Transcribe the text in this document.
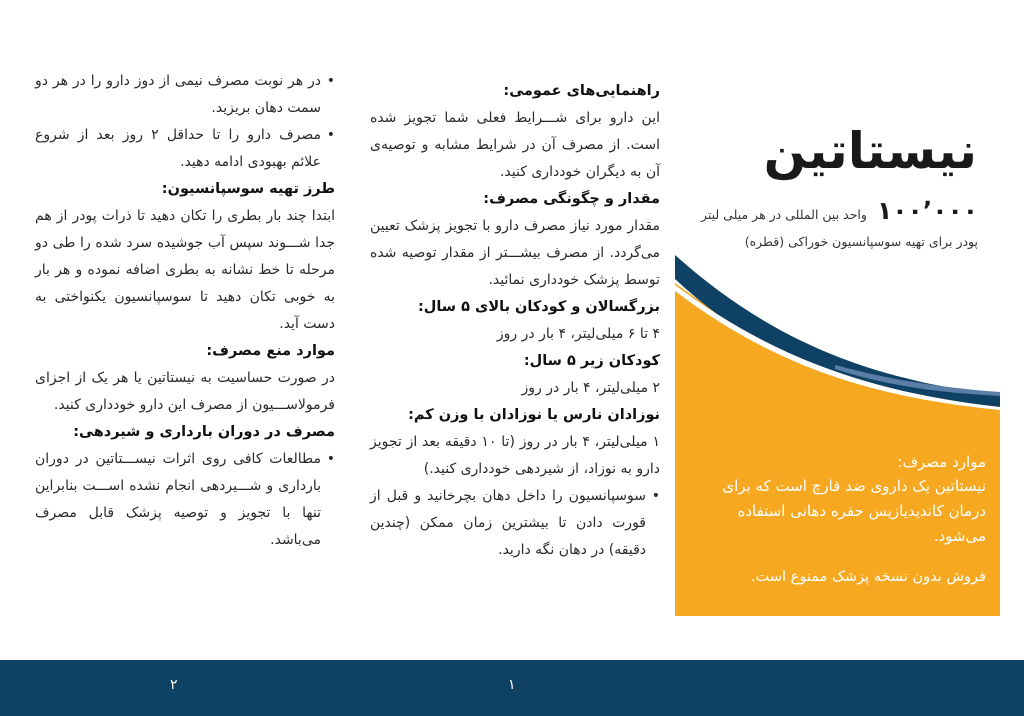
•
در هر نوبت مصرف نیمی از دوز دارو را در هر دو سمت دهان بریزید.
•
مصرف دارو را تا حداقل ۲ روز بعد از شروع علائم بهبودی ادامه دهید.
طرز تهیه سوسپانسیون:
ابتدا چند بار بطری را تکان دهید تا ذرات پودر از هم جدا شـــوند سپس آب جوشیده سرد شده را طی دو مرحله تا خط نشانه به بطری اضافه نموده و هر بار به خوبی تکان دهید تا سوسپانسیون یکنواختی به دست آید.
موارد منع مصرف:
در صورت حساسیت به نیستاتین یا هر یک از اجزای فرمولاســـیون از مصرف این دارو خودداری کنید.
مصرف در دوران بارداری و شیردهی:
•
مطالعات کافی روی اثرات نیســـتاتین در دوران بارداری و شـــیردهی انجام نشده اســـت بنابراین تنها با تجویز و توصیه پزشک قابل مصرف می‌باشد.
راهنمایی‌های عمومی:
این دارو برای شـــرایط فعلی شما تجویز شده است. از مصرف آن در شرایط مشابه و توصیه‌ی آن به دیگران خودداری کنید.
مقدار و چگونگی مصرف:
مقدار مورد نیاز مصرف دارو با تجویز پزشک تعیین می‌گردد. از مصرف بیشـــتر از مقدار توصیه شده توسط پزشک خودداری نمائید.
بزرگسالان و کودکان بالای ۵ سال:
۴ تا ۶ میلی‌لیتر، ۴ بار در روز
کودکان زیر ۵ سال:
۲ میلی‌لیتر، ۴ بار در روز
نوزادان نارس یا نوزادان با وزن کم:
۱ میلی‌لیتر، ۴ بار در روز (تا ۱۰ دقیقه بعد از تجویز دارو به نوزاد، از شیردهی خودداری کنید.)
•
سوسپانسیون را داخل دهان بچرخانید و قبل از قورت دادن تا بیشترین زمان ممکن (چندین دقیقه) در دهان نگه دارید.
نیستاتین
۱۰۰٬۰۰۰
واحد بین المللی در هر میلی لیتر
پودر برای تهیه سوسپانسیون خوراکی (قطره)
موارد مصرف:
نیستاتین یک داروی ضد قارچ است که برای درمان کاندیدیازیس حفره دهانی استفاده می‌شود.
فروش بدون نسخه پزشک ممنوع است.
۲	۱
